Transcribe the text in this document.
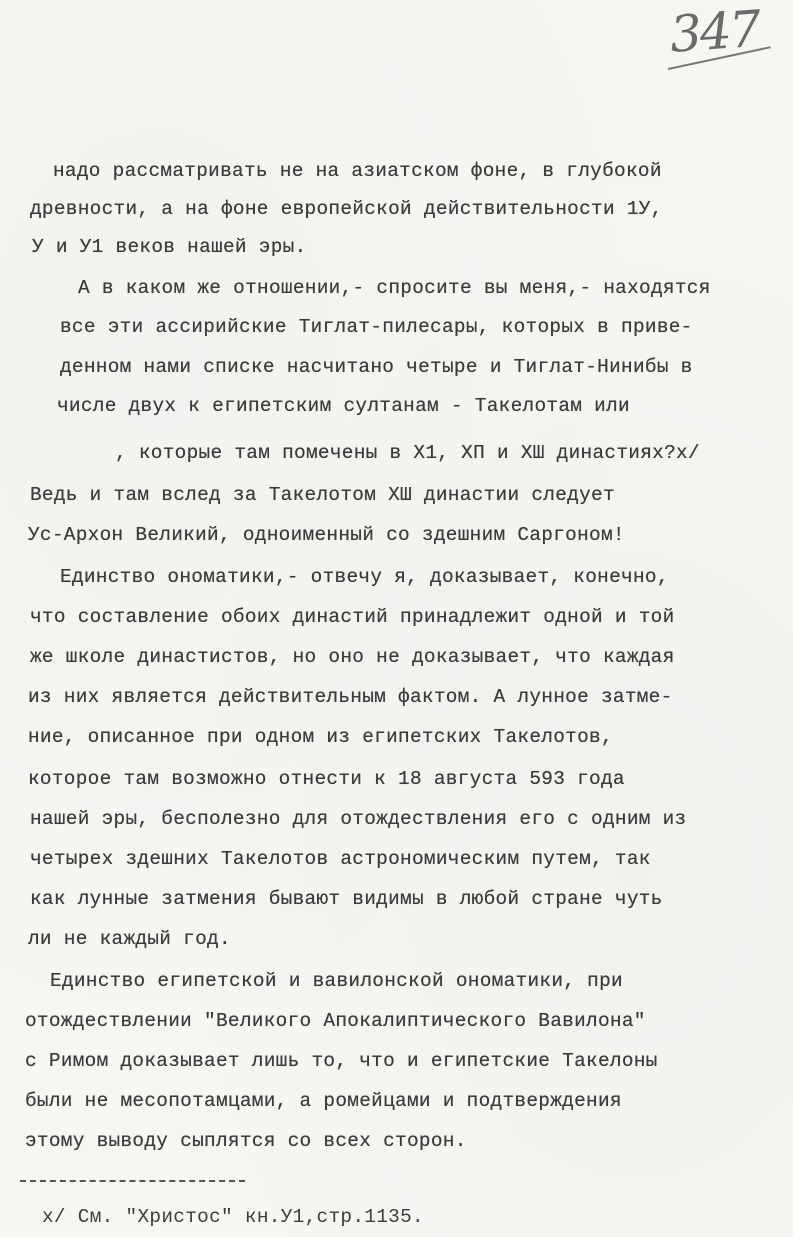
347
надо рассматривать не на азиатском фоне, в глубокой
древности, а на фоне европейской действительности 1У,
У и У1 веков нашей эры.
А в каком же отношении,- спросите вы меня,- находятся
все эти ассирийские Тиглат-пилесары, которых в приве-
денном нами списке насчитано четыре и Тиглат-Нинибы в
числе двух к египетским султанам - Такелотам или
, которые там помечены в Х1, ХП и ХШ династиях?х/
Ведь и там вслед за Такелотом ХШ династии следует
Ус-Архон Великий, одноименный со здешним Саргоном!
Единство ономатики,- отвечу я, доказывает, конечно,
что составление обоих династий принадлежит одной и той
же школе династистов, но оно не доказывает, что каждая
из них является действительным фактом. А лунное затме-
ние, описанное при одном из египетских Такелотов,
которое там возможно отнести к 18 августа 593 года
нашей эры, бесполезно для отождествления его с одним из
четырех здешних Такелотов астрономическим путем, так
как лунные затмения бывают видимы в любой стране чуть
ли не каждый год.
Единство египетской и вавилонской ономатики, при
отождествлении "Великого Апокалиптического Вавилона"
с Римом доказывает лишь то, что и египетские Такелоны
были не месопотамцами, а ромейцами и подтверждения
этому выводу сыплятся со всех сторон.
х/ См. "Христос" кн.У1,стр.1135.
